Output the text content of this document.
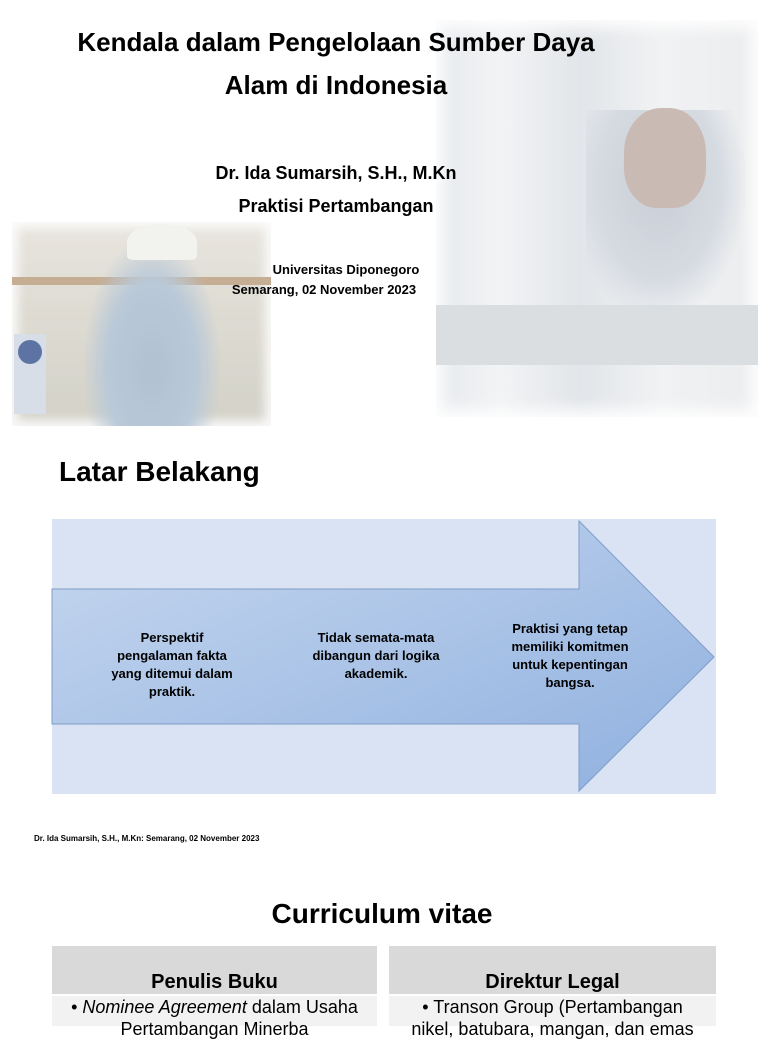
Kendala dalam Pengelolaan Sumber Daya
Alam di Indonesia
Dr. Ida Sumarsih, S.H., M.Kn
Praktisi Pertambangan
Universitas Diponegoro
Semarang, 02 November 2023
Latar Belakang
Perspektif pengalaman fakta yang ditemui dalam praktik.
Tidak semata-mata dibangun dari logika akademik.
Praktisi yang tetap memiliki komitmen untuk kepentingan bangsa.
Dr. Ida Sumarsih, S.H., M.Kn: Semarang, 02 November 2023
Curriculum vitae
Penulis Buku	Direktur Legal
• Nominee Agreement dalam Usaha
Pertambangan Minerba
• Transon Group (Pertambangan
nikel, batubara, mangan, dan emas
